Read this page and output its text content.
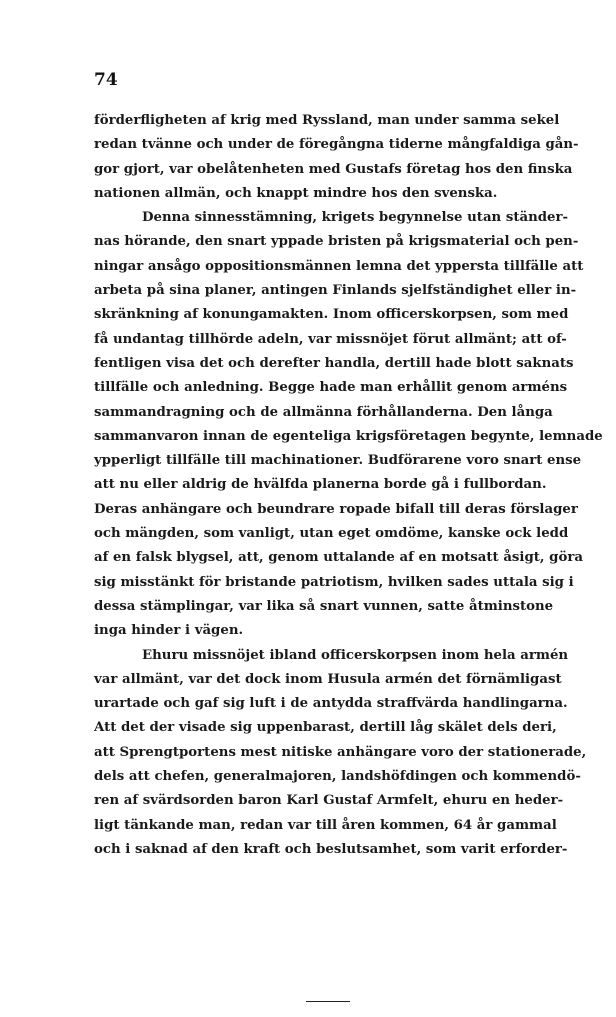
74
förderfligheten af krig med Ryssland, man under samma sekel
redan tvänne och under de föregångna tiderne mångfaldiga gån-
gor gjort, var obelåtenheten med Gustafs företag hos den finska
nationen allmän, och knappt mindre hos den svenska.
Denna sinnesstämning, krigets begynnelse utan ständer-
nas hörande, den snart yppade bristen på krigsmaterial och pen-
ningar ansågo oppositionsmännen lemna det yppersta tillfälle att
arbeta på sina planer, antingen Finlands sjelfständighet eller in-
skränkning af konungamakten. Inom officerskorpsen, som med
få undantag tillhörde adeln, var missnöjet förut allmänt; att of-
fentligen visa det och derefter handla, dertill hade blott saknats
tillfälle och anledning. Begge hade man erhållit genom arméns
sammandragning och de allmänna förhållanderna. Den långa
sammanvaron innan de egenteliga krigsföretagen begynte, lemnade
ypperligt tillfälle till machinationer. Budförarene voro snart ense
att nu eller aldrig de hvälfda planerna borde gå i fullbordan.
Deras anhängare och beundrare ropade bifall till deras förslager
och mängden, som vanligt, utan eget omdöme, kanske ock ledd
af en falsk blygsel, att, genom uttalande af en motsatt åsigt, göra
sig misstänkt för bristande patriotism, hvilken sades uttala sig i
dessa stämplingar, var lika så snart vunnen, satte åtminstone
inga hinder i vägen.
Ehuru missnöjet ibland officerskorpsen inom hela armén
var allmänt, var det dock inom Husula armén det förnämligast
urartade och gaf sig luft i de antydda straffvärda handlingarna.
Att det der visade sig uppenbarast, dertill låg skälet dels deri,
att Sprengtportens mest nitiske anhängare voro der stationerade,
dels att chefen, generalmajoren, landshöfdingen och kommendö-
ren af svärdsorden baron Karl Gustaf Armfelt, ehuru en heder-
ligt tänkande man, redan var till åren kommen, 64 år gammal
och i saknad af den kraft och beslutsamhet, som varit erforder-
